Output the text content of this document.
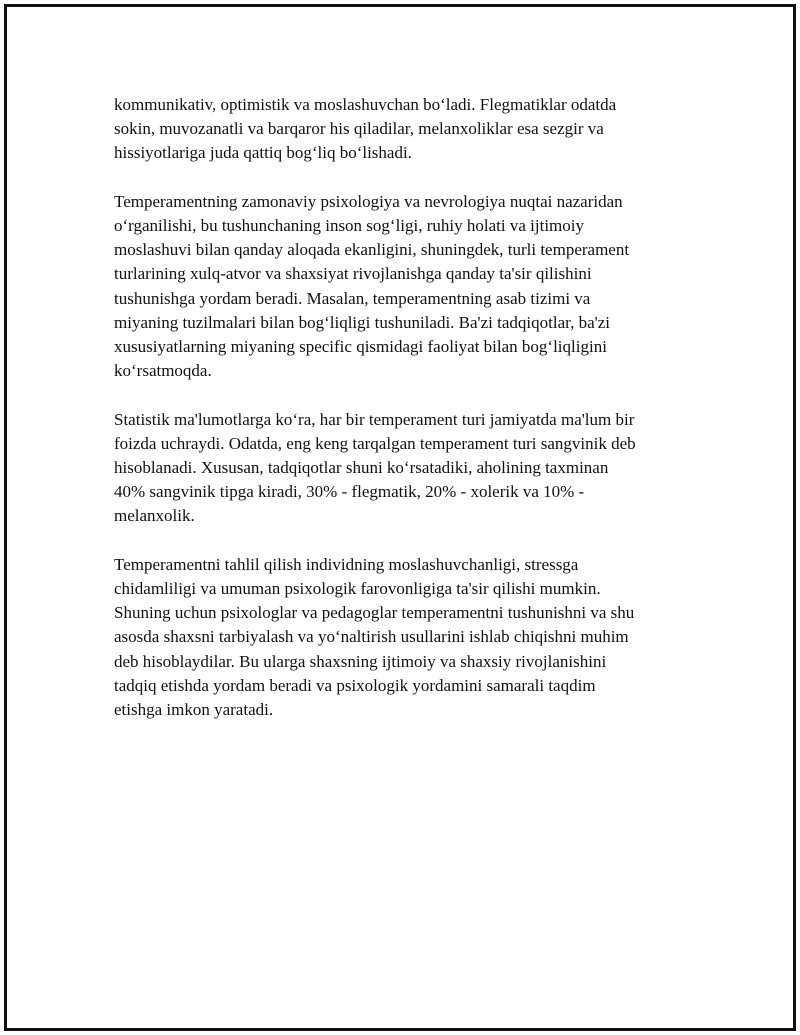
kommunikativ, optimistik va moslashuvchan bo‘ladi. Flegmatiklar odatda
sokin, muvozanatli va barqaror his qiladilar, melanxoliklar esa sezgir va
hissiyotlariga juda qattiq bog‘liq bo‘lishadi.

Temperamentning zamonaviy psixologiya va nevrologiya nuqtai nazaridan
o‘rganilishi, bu tushunchaning inson sog‘ligi, ruhiy holati va ijtimoiy
moslashuvi bilan qanday aloqada ekanligini, shuningdek, turli temperament
turlarining xulq-atvor va shaxsiyat rivojlanishga qanday ta'sir qilishini
tushunishga yordam beradi. Masalan, temperamentning asab tizimi va
miyaning tuzilmalari bilan bog‘liqligi tushuniladi. Ba'zi tadqiqotlar, ba'zi
xususiyatlarning miyaning specific qismidagi faoliyat bilan bog‘liqligini
ko‘rsatmoqda.

Statistik ma'lumotlarga ko‘ra, har bir temperament turi jamiyatda ma'lum bir
foizda uchraydi. Odatda, eng keng tarqalgan temperament turi sangvinik deb
hisoblanadi. Xususan, tadqiqotlar shuni ko‘rsatadiki, aholining taxminan
40% sangvinik tipga kiradi, 30% - flegmatik, 20% - xolerik va 10% -
melanxolik.

Temperamentni tahlil qilish individning moslashuvchanligi, stressga
chidamliligi va umuman psixologik farovonligiga ta'sir qilishi mumkin.
Shuning uchun psixologlar va pedagoglar temperamentni tushunishni va shu
asosda shaxsni tarbiyalash va yo‘naltirish usullarini ishlab chiqishni muhim
deb hisoblaydilar. Bu ularga shaxsning ijtimoiy va shaxsiy rivojlanishini
tadqiq etishda yordam beradi va psixologik yordamini samarali taqdim
etishga imkon yaratadi.
